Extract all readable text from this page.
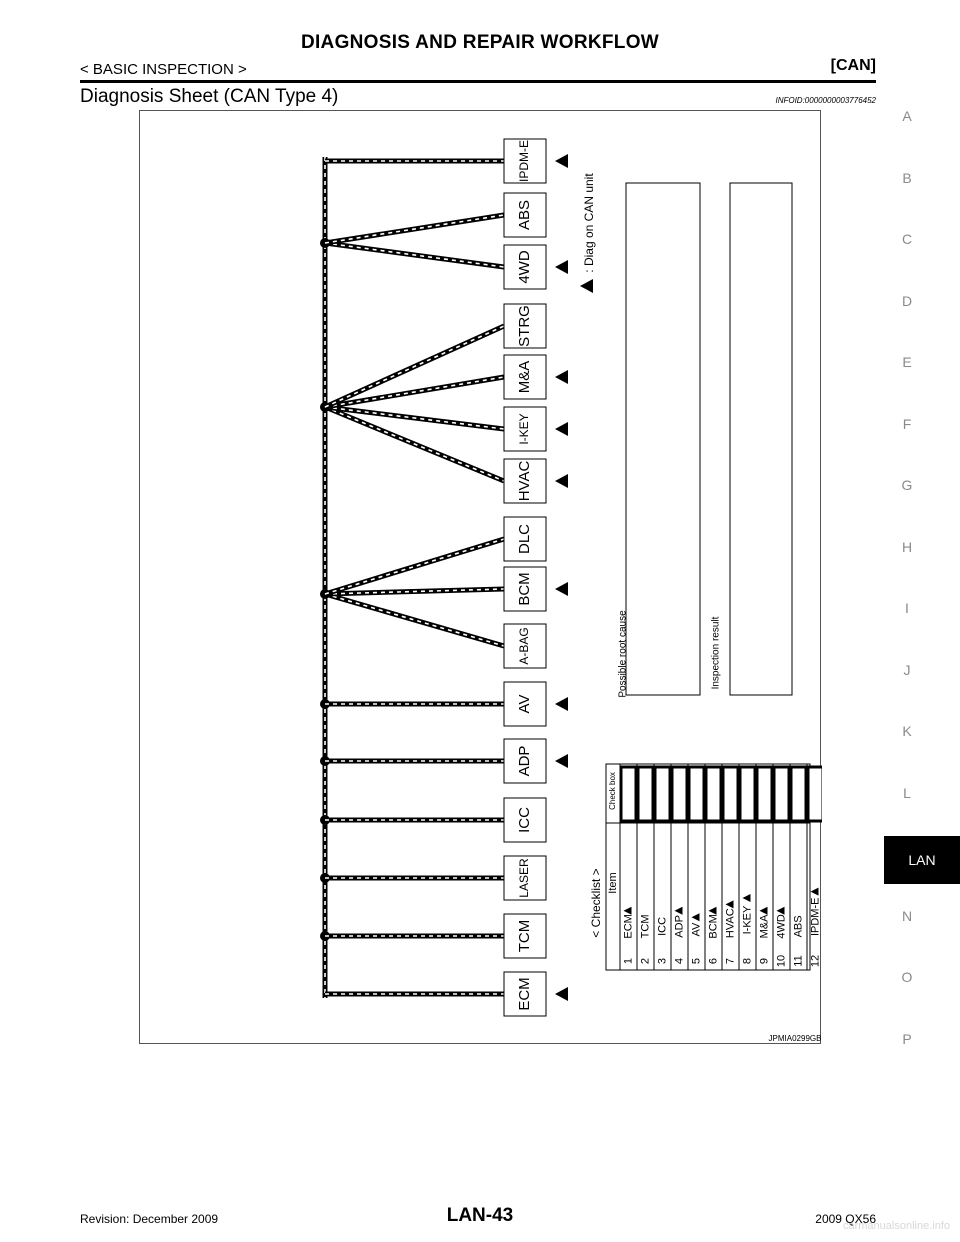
DIAGNOSIS AND REPAIR WORKFLOW
< BASIC INSPECTION >	[CAN]
Diagnosis Sheet (CAN Type 4)	INFOID:0000000003776452
ECM
TCM
LASER
ICC
ADP
AV
A-BAG
BCM
DLC
HVAC
I-KEY
M&A
STRG
4WD
ABS
IPDM-E
: Diag on CAN unit
Possible root cause	Inspection result
< Checklist >
Check box
Item
1
ECM
2
TCM
3
ICC
4
ADP
5
AV
6
BCM
7
HVAC
8
I-KEY
9
M&A
10
4WD
11
ABS
12
IPDM-E
JPMIA0299GB
A
B
C
D
E
F
G
H
I
J
K
L
N
O
P
LAN
Revision: December 2009	LAN-43	2009 QX56
carmanualsonline.info
